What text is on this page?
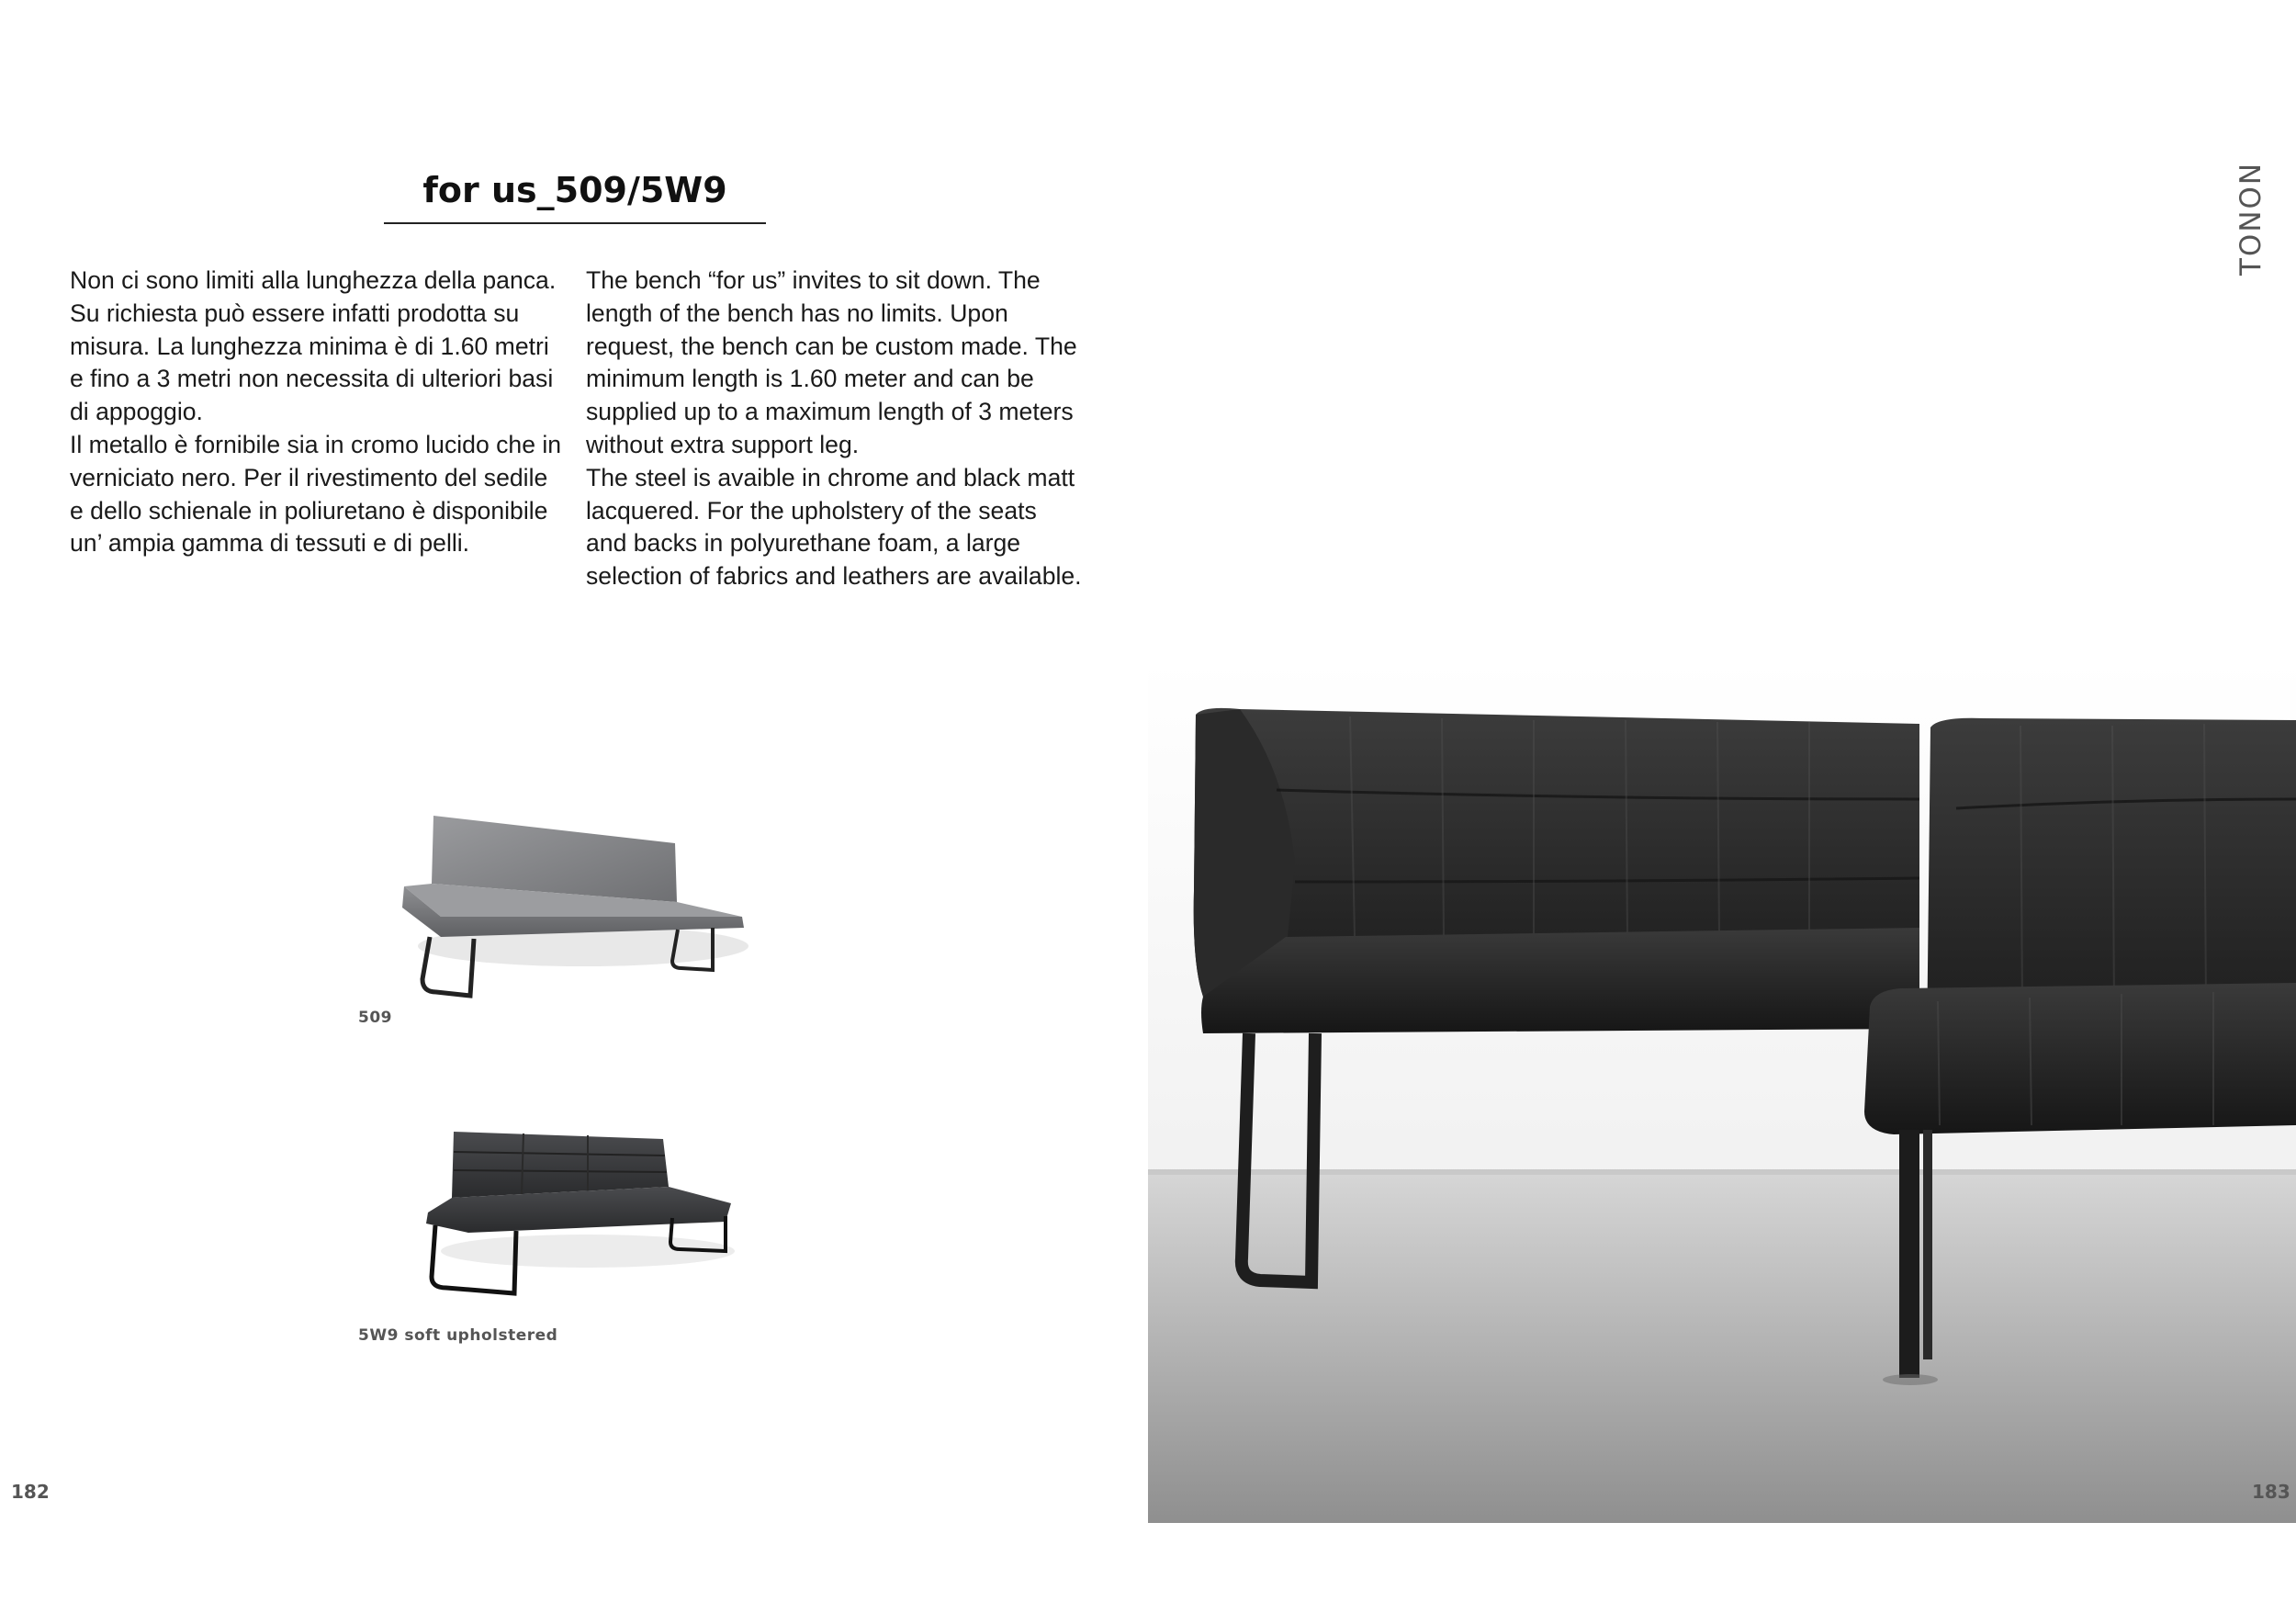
for us_509/5W9

Non ci sono limiti alla lunghezza della panca. Su richiesta può essere infatti prodotta su misura. La lunghezza minima è di 1.60 metri e fino a 3 metri non necessita di ulteriori basi di appoggio.

Il metallo è fornibile sia in cromo lucido che in verniciato nero. Per il rivestimento del sedile e dello schienale in poliuretano è disponibile un’ ampia gamma di tessuti e di pelli.

The bench “for us” invites to sit down. The length of the bench has no limits. Upon request, the bench can be custom made. The minimum length is 1.60 meter and can be supplied up to a maximum length of 3 meters without extra support leg.

The steel is avaible in chrome and black matt lacquered. For the upholstery of the seats and backs in polyurethane foam, a large selection of fabrics and leathers are available.

TONON
509
5W9 soft upholstered
182	183
